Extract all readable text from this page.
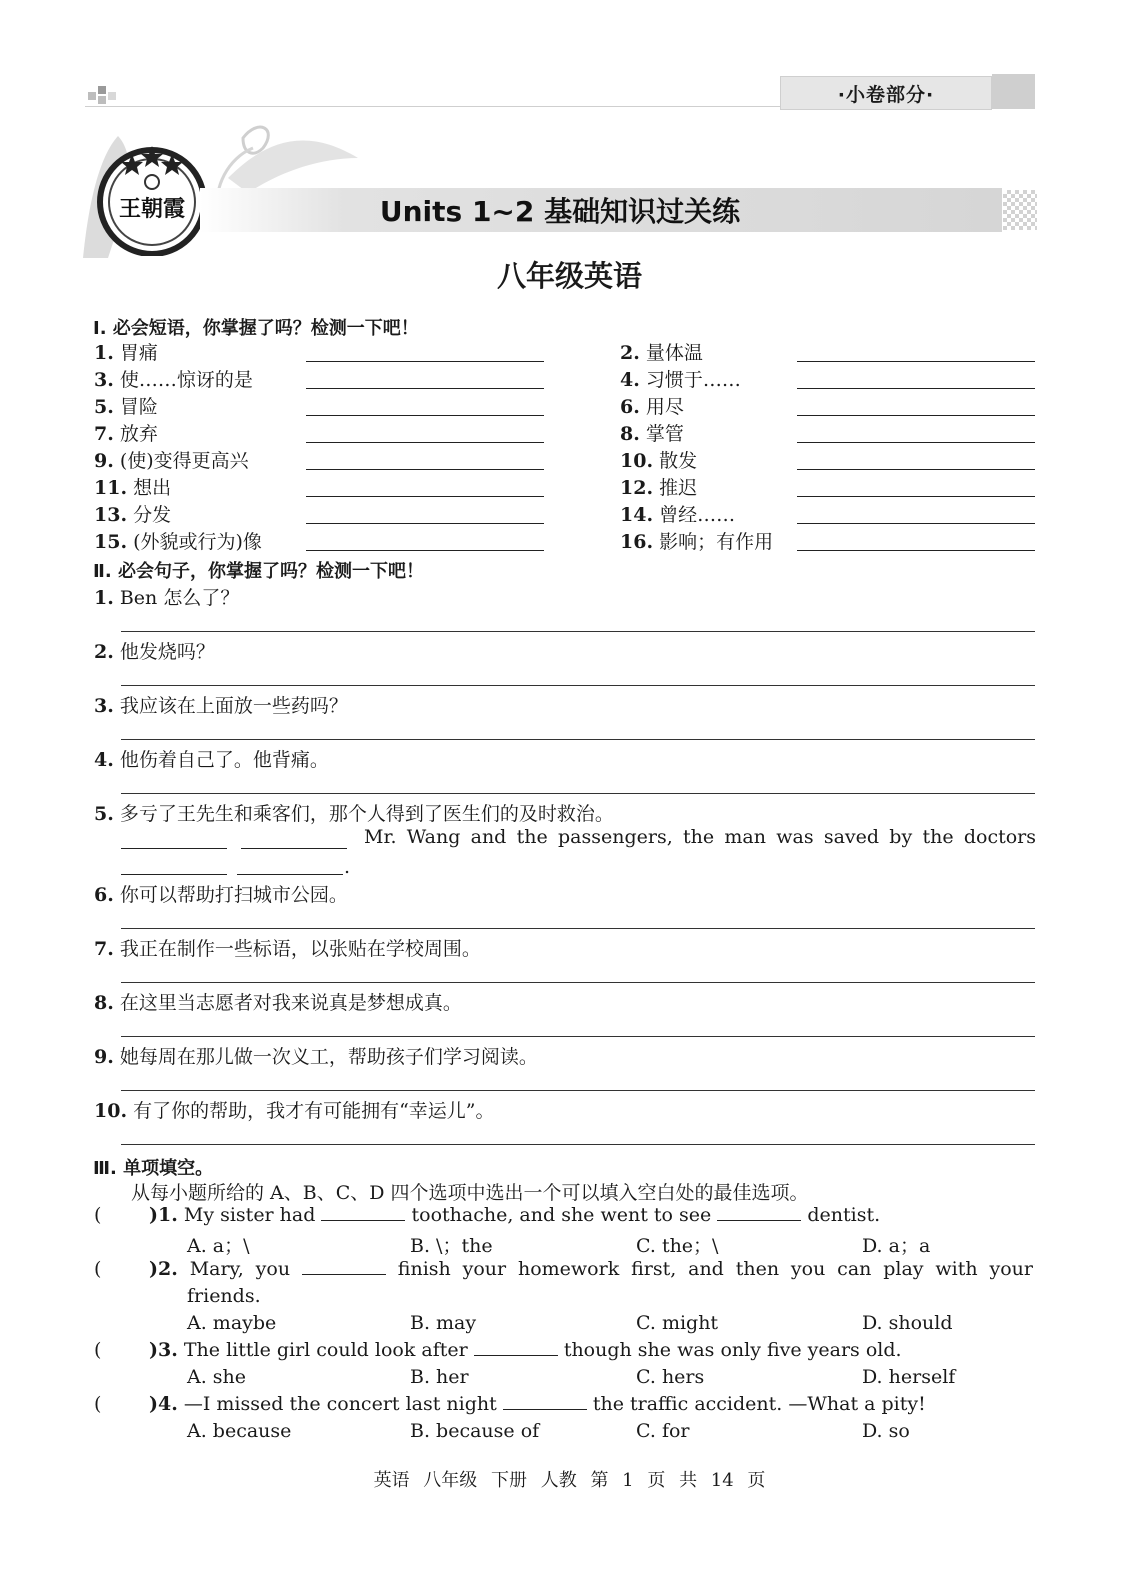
·小卷部分·
王朝霞	Units 1~2 基础知识过关练
八年级英语
Ⅰ. 必会短语，你掌握了吗？检测一下吧！
1. 胃痛	2. 量体温
3. 使……惊讶的是	4. 习惯于……
5. 冒险	6. 用尽
7. 放弃	8. 掌管
9. (使)变得更高兴	10. 散发
11. 想出	12. 推迟
13. 分发	14. 曾经……
15. (外貌或行为)像	16. 影响；有作用
Ⅱ. 必会句子，你掌握了吗？检测一下吧！
1. Ben 怎么了？
2. 他发烧吗？
3. 我应该在上面放一些药吗？
4. 他伤着自己了。他背痛。
5. 多亏了王先生和乘客们，那个人得到了医生们的及时救治。
6. 你可以帮助打扫城市公园。
7. 我正在制作一些标语，以张贴在学校周围。
8. 在这里当志愿者对我来说真是梦想成真。
9. 她每周在那儿做一次义工，帮助孩子们学习阅读。
10. 有了你的帮助，我才有可能拥有“幸运儿”。
Mr. Wang and the passengers, the man was saved by the doctors
.
Ⅲ. 单项填空。
从每小题所给的 A、B、C、D 四个选项中选出一个可以填入空白处的最佳选项。
(	)1. My sister had	toothache, and she went to see	dentist.
A. a；\	B. \；the	C. the；\	D. a；a
(	)2. Mary, you	finish your homework first, and then you can play with your
friends.
A. maybe	B. may	C. might	D. should
(	)3. The little girl could look after	though she was only five years old.
A. she	B. her	C. hers	D. herself
(	)4. —I missed the concert last night	the traffic accident. —What a pity!
A. because	B. because of	C. for	D. so
英语 八年级 下册 人教 第 1 页 共 14 页
